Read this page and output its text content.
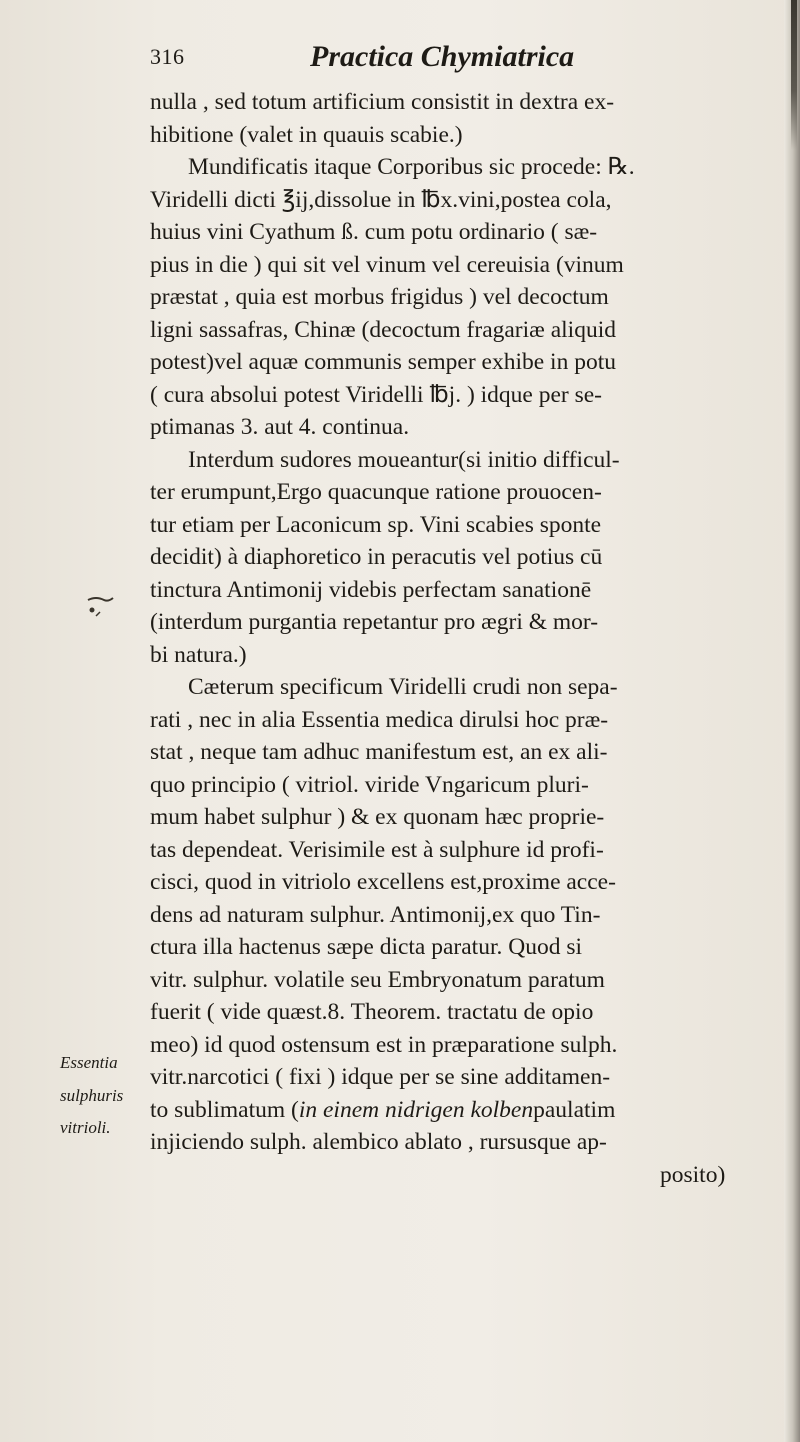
316	Practica Chymiatrica
nulla , sed totum artificium consistit in dextra ex-
hibitione (valet in quauis scabie.)
Mundificatis itaque Corporibus sic procede: ℞.
Viridelli dicti ℥ij,dissolue in ℔x.vini,postea cola,
huius vini Cyathum ß. cum potu ordinario ( sæ-
pius in die ) qui sit vel vinum vel cereuisia (vinum
præstat , quia est morbus frigidus ) vel decoctum
ligni sassafras, Chinæ (decoctum fragariæ aliquid
potest)vel aquæ communis semper exhibe in potu
( cura absolui potest Viridelli ℔j. ) idque per se-
ptimanas 3. aut 4. continua.
Interdum sudores moueantur(si initio difficul-
ter erumpunt,Ergo quacunque ratione prouocen-
tur etiam per Laconicum sp. Vini scabies sponte
decidit) à diaphoretico in peracutis vel potius cū
tinctura Antimonij videbis perfectam sanationē
(interdum purgantia repetantur pro ægri & mor-
bi natura.)
Cæterum specificum Viridelli crudi non sepa-
rati , nec in alia Essentia medica dirulsi hoc præ-
stat , neque tam adhuc manifestum est, an ex ali-
quo principio ( vitriol. viride Vngaricum pluri-
mum habet sulphur ) & ex quonam hæc proprie-
tas dependeat. Verisimile est à sulphure id profi-
cisci, quod in vitriolo excellens est,proxime acce-
dens ad naturam sulphur. Antimonij,ex quo Tin-
ctura illa hactenus sæpe dicta paratur. Quod si
vitr. sulphur. volatile seu Embryonatum paratum
fuerit ( vide quæst.8. Theorem. tractatu de opio
meo) id quod ostensum est in præparatione sulph.
vitr.narcotici ( fixi ) idque per se sine additamen-
to sublimatum (in einem nidrigen kolbenpaulatim
injiciendo sulph. alembico ablato , rursusque ap-
posito)
Essentia
sulphuris
vitrioli.
